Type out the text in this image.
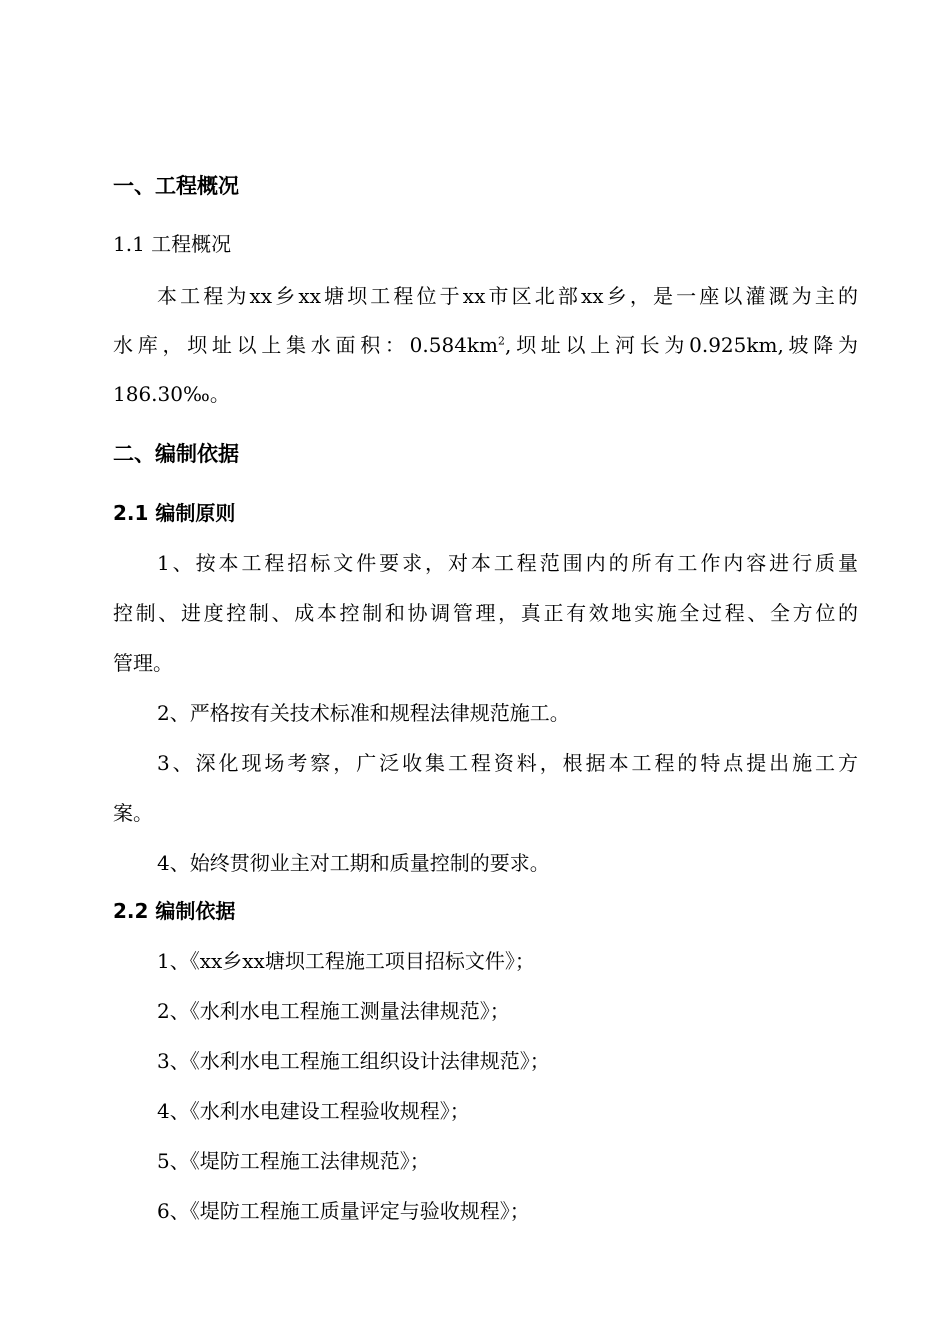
一、工程概况
1.1 工程概况
本工程为xx乡xx塘坝工程位于xx市区北部xx乡，是一座以灌溉为主的
水库，坝址以上集水面积：$0.584km^2$,坝址以上河长为0.925km,坡降为
186.30‰。
二、编制依据
2.1 编制原则
1、按本工程招标文件要求，对本工程范围内的所有工作内容进行质量
控制、进度控制、成本控制和协调管理，真正有效地实施全过程、全方位的
管理。
2、严格按有关技术标准和规程法律规范施工。
3、深化现场考察，广泛收集工程资料，根据本工程的特点提出施工方
案。
4、始终贯彻业主对工期和质量控制的要求。
2.2 编制依据
1、《xx乡xx塘坝工程施工项目招标文件》；
2、《水利水电工程施工测量法律规范》；
3、《水利水电工程施工组织设计法律规范》；
4、《水利水电建设工程验收规程》；
5、《堤防工程施工法律规范》；
6、《堤防工程施工质量评定与验收规程》；
